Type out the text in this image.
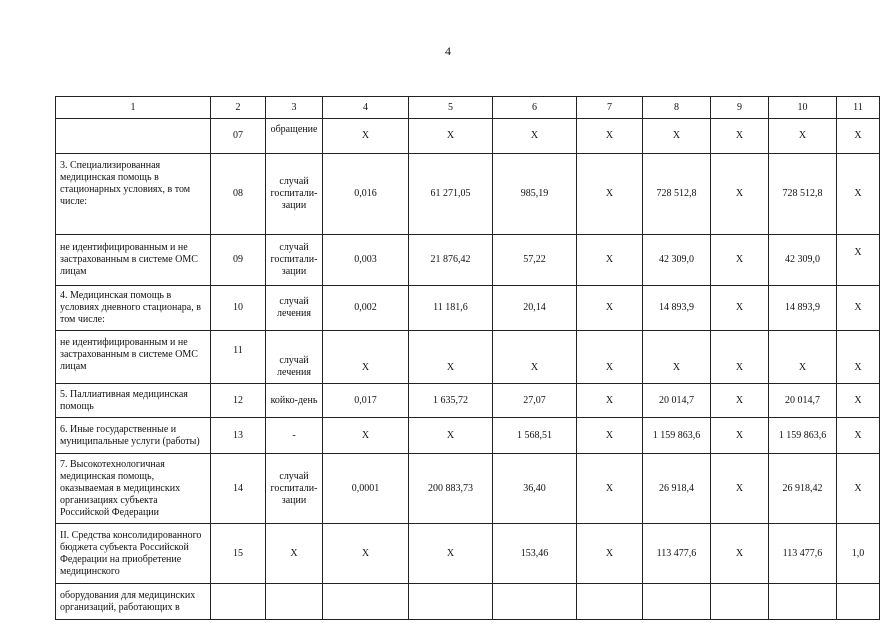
4
1	2	3	4	5	6	7	8	9	10	11
	07	обращение	X	X	X	X	X	X	X	X
3. Специализированная медицинская помощь в стационарных условиях, в том числе:	08	случай госпитали-зации	0,016	61 271,05	985,19	X	728 512,8	X	728 512,8	X
не идентифицированным и не застрахованным в системе ОМС лицам	09	случай госпитали-зации	0,003	21 876,42	57,22	X	42 309,0	X	42 309,0	X
4. Медицинская помощь в условиях дневного стационара, в том числе:	10	случай лечения	0,002	11 181,6	20,14	X	14 893,9	X	14 893,9	X
не идентифицированным и не застрахованным в системе ОМС лицам	11	случай лечения	X	X	X	X	X	X	X	X
5. Паллиативная медицинская помощь	12	койко-день	0,017	1 635,72	27,07	X	20 014,7	X	20 014,7	X
6. Иные государственные и муниципальные услуги (работы)	13	-	X	X	1 568,51	X	1 159 863,6	X	1 159 863,6	X
7. Высокотехнологичная медицинская помощь, оказываемая в медицинских организациях субъекта Российской Федерации	14	случай госпитали-зации	0,0001	200 883,73	36,40	X	26 918,4	X	26 918,42	X
II. Средства консолидированного бюджета субъекта Российской Федерации на приобретение медицинского	15	X	X	X	153,46	X	113 477,6	X	113 477,6	1,0
оборудования для медицинских организаций, работающих в										
